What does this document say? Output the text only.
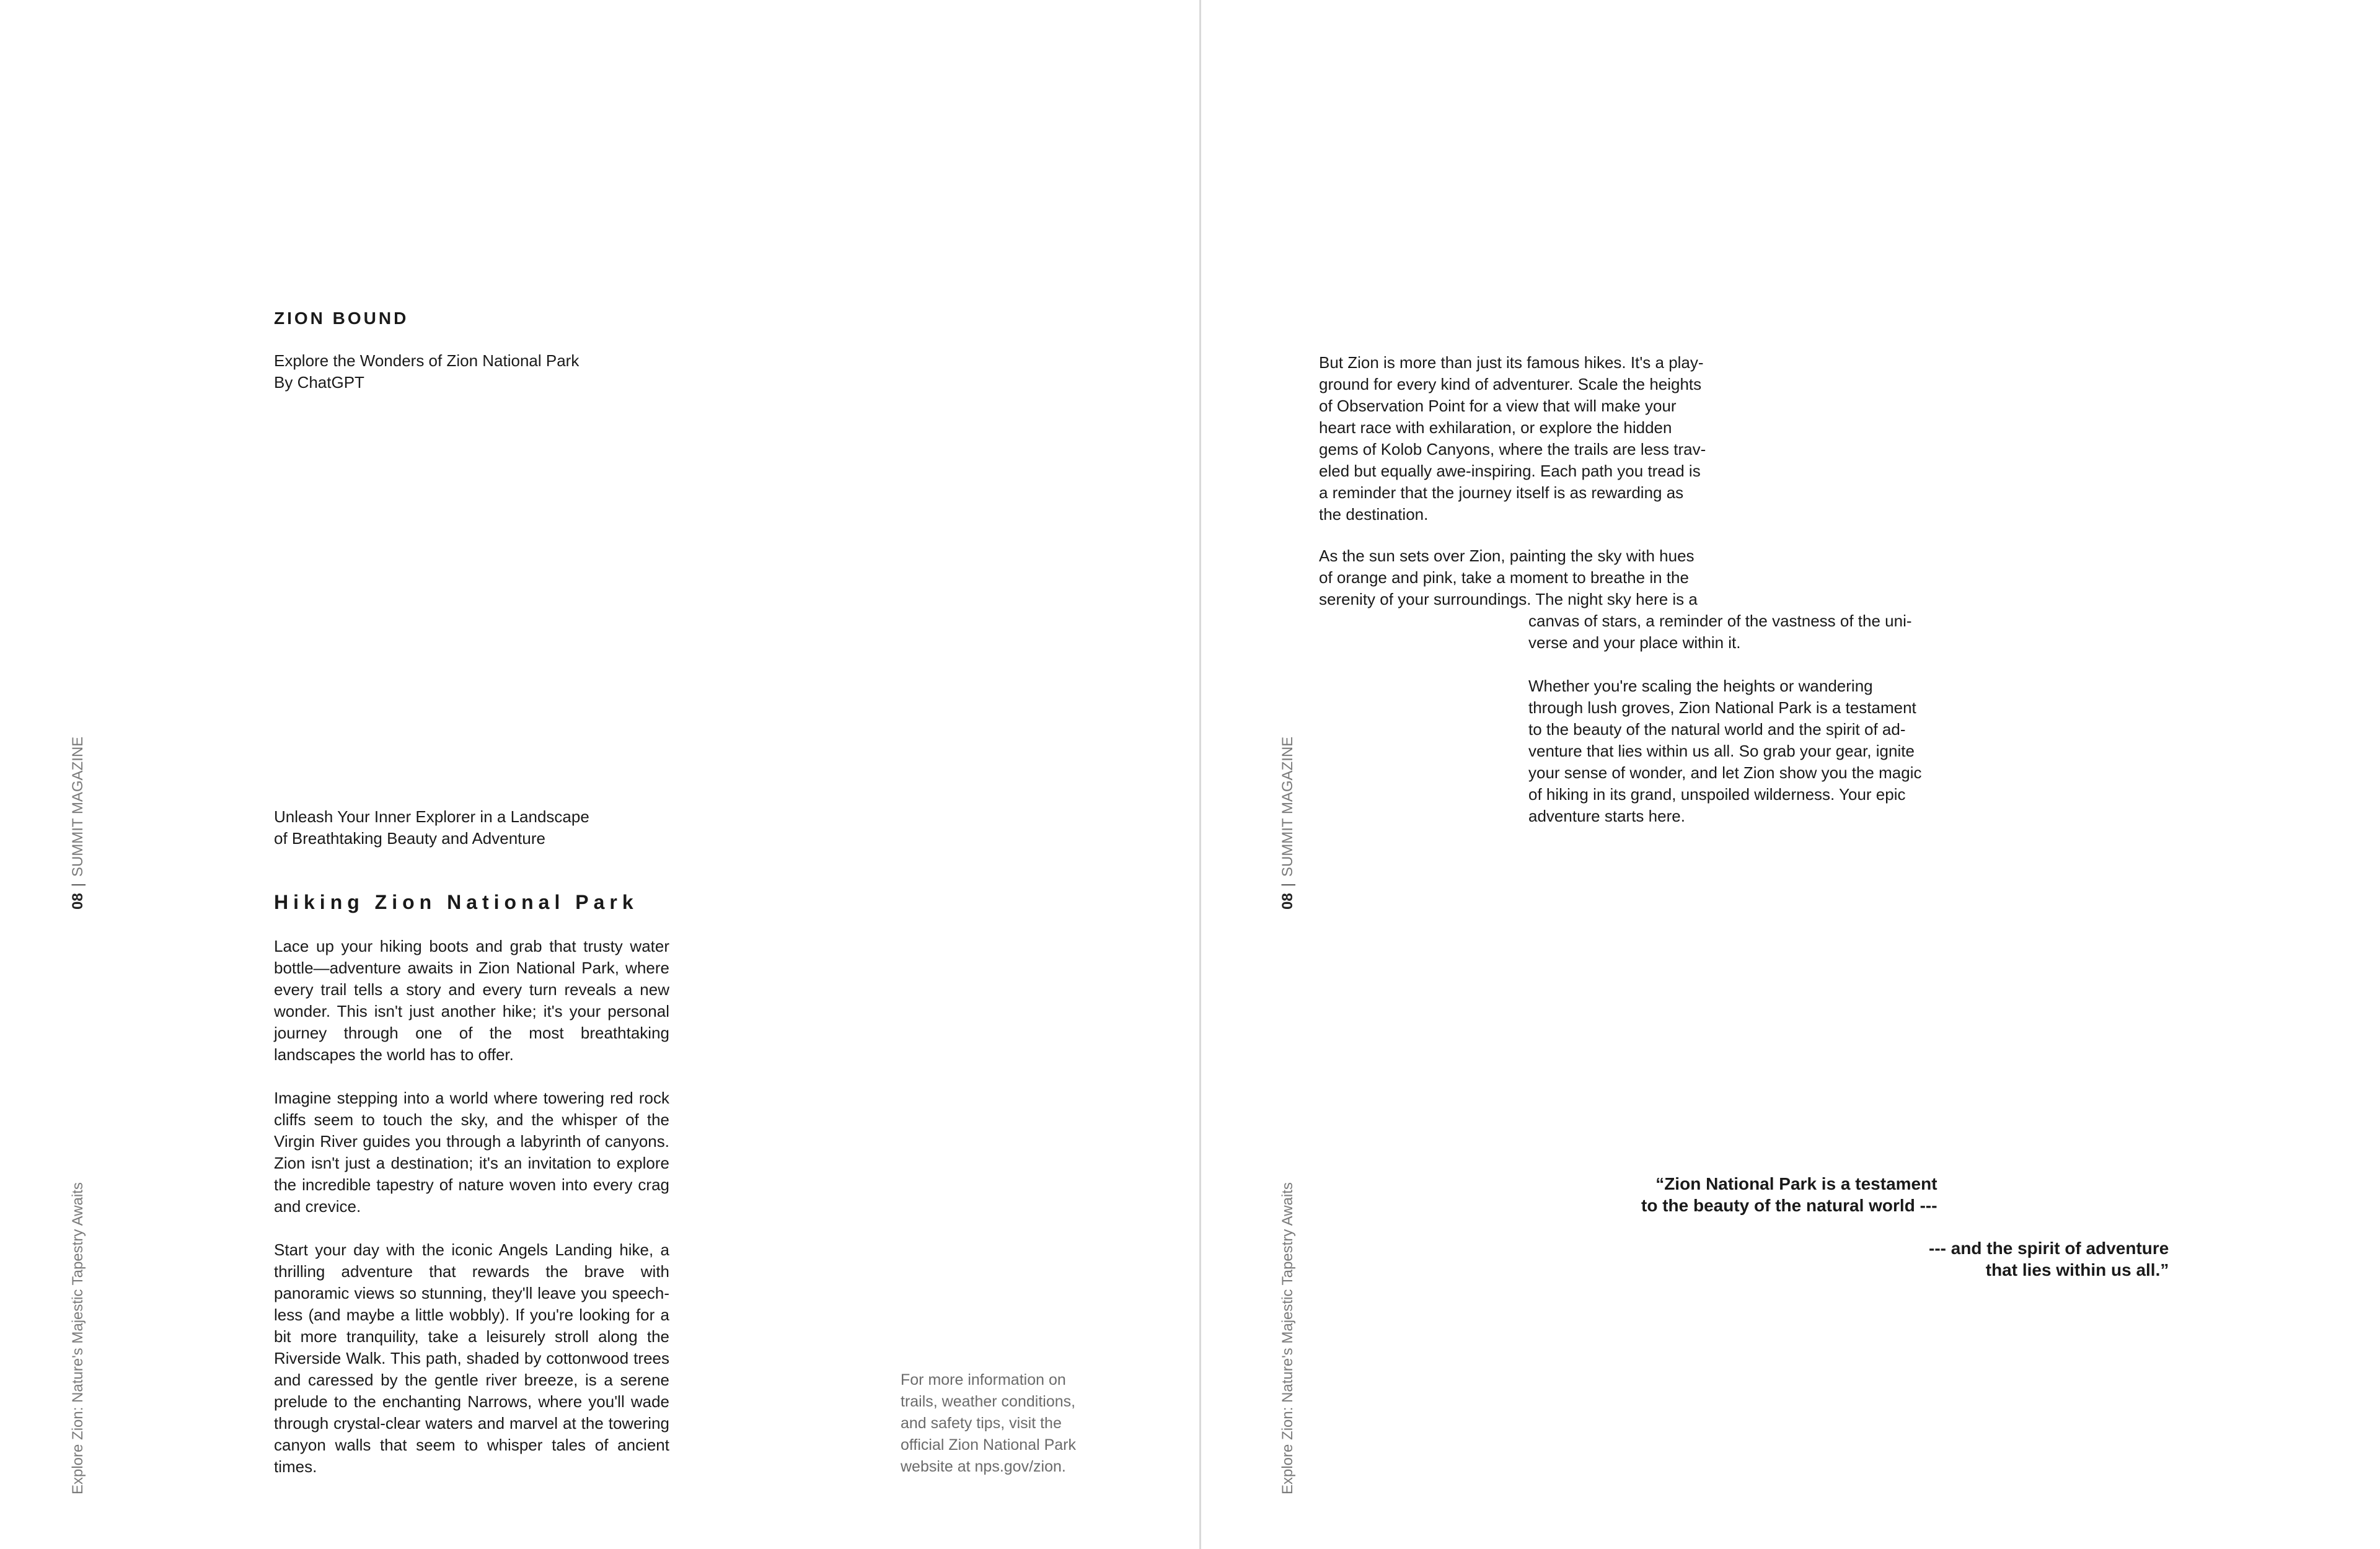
08|SUMMIT MAGAZINE
Explore Zion: Nature's Majestic Tapestry Awaits
ZION BOUND
Explore the Wonders of Zion National Park
By ChatGPT
Unleash Your Inner Explorer in a Landscape
of Breathtaking Beauty and Adventure
Hiking Zion National Park

Lace up your hiking boots and grab that trusty water bottle—adventure awaits in Zion National Park, where every trail tells a story and every turn reveals a new wonder. This isn't just another hike; it's your personal journey through one of the most breathtaking landscapes the world has to offer.

Imagine stepping into a world where towering red rock cliffs seem to touch the sky, and the whisper of the Virgin River guides you through a labyrinth of canyons. Zion isn't just a destination; it's an invitation to explore the incredible tapestry of nature woven into every crag and crevice.

Start your day with the iconic Angels Landing hike, a thrilling adventure that rewards the brave with panoramic views so stunning, they'll leave you speech-less (and maybe a little wobbly). If you're looking for a bit more tranquility, take a leisurely stroll along the Riverside Walk. This path, shaded by cottonwood trees and caressed by the gentle river breeze, is a serene prelude to the enchanting Narrows, where you'll wade through crystal-clear waters and marvel at the towering canyon walls that seem to whisper tales of ancient times.

For more information on
trails, weather conditions,
and safety tips, visit the
official Zion National Park
website at nps.gov/zion.
08|SUMMIT MAGAZINE
Explore Zion: Nature's Majestic Tapestry Awaits
But Zion is more than just its famous hikes. It's a play-
ground for every kind of adventurer. Scale the heights
of Observation Point for a view that will make your
heart race with exhilaration, or explore the hidden
gems of Kolob Canyons, where the trails are less trav-
eled but equally awe-inspiring. Each path you tread is
a reminder that the journey itself is as rewarding as
the destination.
As the sun sets over Zion, painting the sky with hues
of orange and pink, take a moment to breathe in the
serenity of your surroundings. The night sky here is a
canvas of stars, a reminder of the vastness of the uni-
verse and your place within it.
Whether you're scaling the heights or wandering
through lush groves, Zion National Park is a testament
to the beauty of the natural world and the spirit of ad-
venture that lies within us all. So grab your gear, ignite
your sense of wonder, and let Zion show you the magic
of hiking in its grand, unspoiled wilderness. Your epic
adventure starts here.
“Zion National Park is a testament
to the beauty of the natural world ---
--- and the spirit of adventure
that lies within us all.”
